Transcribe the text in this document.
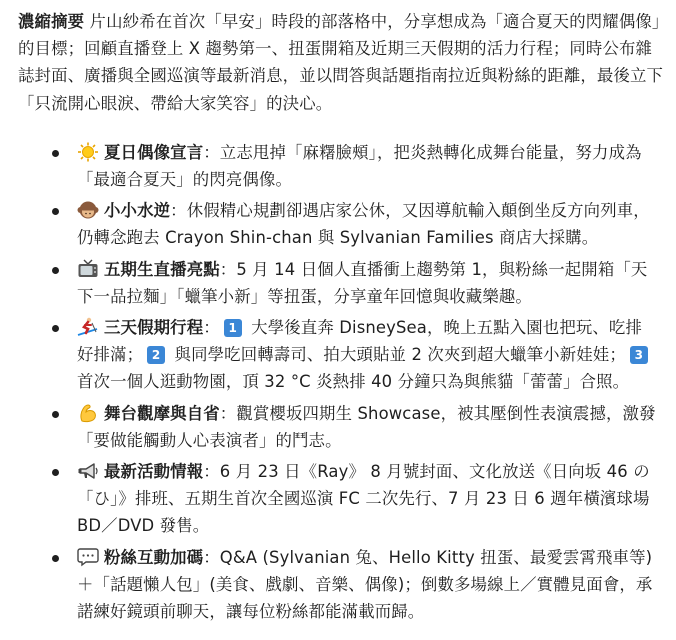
濃縮摘要 片山紗希在首次「早安」時段的部落格中，分享想成為「適合夏天的閃耀偶像」的目標；回顧直播登上 X 趨勢第一、扭蛋開箱及近期三天假期的活力行程；同時公布雜誌封面、廣播與全國巡演等最新消息，並以問答與話題指南拉近與粉絲的距離，最後立下「只流開心眼淚、帶給大家笑容」的決心。

夏日偶像宣言：立志甩掉「麻糬臉頰」，把炎熱轉化成舞台能量，努力成為「最適合夏天」的閃亮偶像。
小小水逆：休假精心規劃卻遇店家公休，又因導航輸入顛倒坐反方向列車，仍轉念跑去 Crayon Shin-chan 與 Sylvanian Families 商店大採購。
五期生直播亮點：5 月 14 日個人直播衝上趨勢第 1，與粉絲一起開箱「天下一品拉麵」「蠟筆小新」等扭蛋，分享童年回憶與收藏樂趣。
三天假期行程： 1 大學後直奔 DisneySea，晚上五點入園也把玩、吃排好排滿； 2 與同學吃回轉壽司、拍大頭貼並 2 次夾到超大蠟筆小新娃娃； 3 首次一個人逛動物園，頂 32 °C 炎熱排 40 分鐘只為與熊貓「蕾蕾」合照。
舞台觀摩與自省：觀賞櫻坂四期生 Showcase，被其壓倒性表演震撼，激發「要做能觸動人心表演者」的鬥志。
最新活動情報：6 月 23 日《Ray》 8 月號封面、文化放送《日向坂 46 の「ひ」》排班、五期生首次全國巡演 FC 二次先行、7 月 23 日 6 週年橫濱球場 BD／DVD 發售。
粉絲互動加碼：Q&A (Sylvanian 兔、Hello Kitty 扭蛋、最愛雲霄飛車等)＋「話題懶人包」(美食、戲劇、音樂、偶像)；倒數多場線上／實體見面會，承諾練好鏡頭前聊天，讓每位粉絲都能滿載而歸。
